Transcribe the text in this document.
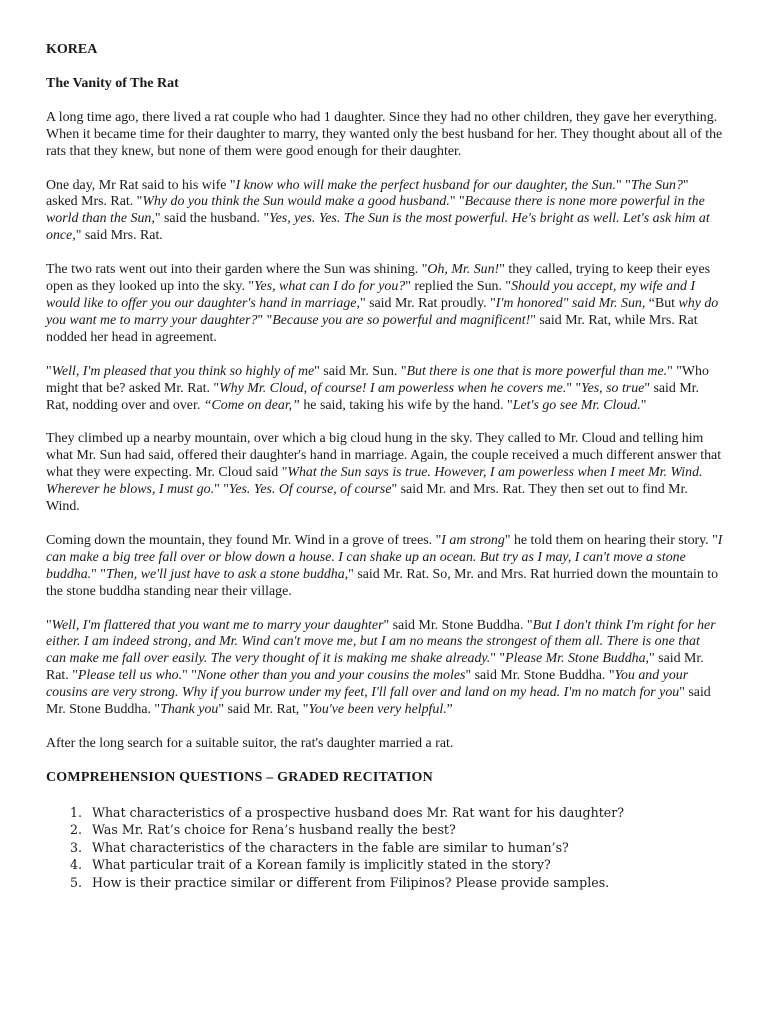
KOREA
The Vanity of The Rat

A long time ago, there lived a rat couple who had 1 daughter. Since they had no other children, they gave her everything. When it became time for their daughter to marry, they wanted only the best husband for her. They thought about all of the rats that they knew, but none of them were good enough for their daughter.

One day, Mr Rat said to his wife "I know who will make the perfect husband for our daughter, the Sun." "The Sun?" asked Mrs. Rat. "Why do you think the Sun would make a good husband." "Because there is none more powerful in the world than the Sun," said the husband. "Yes, yes. Yes. The Sun is the most powerful. He's bright as well. Let's ask him at once," said Mrs. Rat.

The two rats went out into their garden where the Sun was shining. "Oh, Mr. Sun!" they called, trying to keep their eyes open as they looked up into the sky. "Yes, what can I do for you?" replied the Sun. "Should you accept, my wife and I would like to offer you our daughter's hand in marriage," said Mr. Rat proudly. "I'm honored" said Mr. Sun, “But why do you want me to marry your daughter?" "Because you are so powerful and magnificent!" said Mr. Rat, while Mrs. Rat nodded her head in agreement.

"Well, I'm pleased that you think so highly of me" said Mr. Sun. "But there is one that is more powerful than me." "Who might that be? asked Mr. Rat. "Why Mr. Cloud, of course! I am powerless when he covers me." "Yes, so true" said Mr. Rat, nodding over and over. “Come on dear,” he said, taking his wife by the hand. "Let's go see Mr. Cloud."

They climbed up a nearby mountain, over which a big cloud hung in the sky. They called to Mr. Cloud and telling him what Mr. Sun had said, offered their daughter's hand in marriage. Again, the couple received a much different answer that what they were expecting. Mr. Cloud said "What the Sun says is true. However, I am powerless when I meet Mr. Wind. Wherever he blows, I must go." "Yes. Yes. Of course, of course" said Mr. and Mrs. Rat. They then set out to find Mr. Wind.

Coming down the mountain, they found Mr. Wind in a grove of trees. "I am strong" he told them on hearing their story. "I can make a big tree fall over or blow down a house. I can shake up an ocean. But try as I may, I can't move a stone buddha." "Then, we'll just have to ask a stone buddha," said Mr. Rat. So, Mr. and Mrs. Rat hurried down the mountain to the stone buddha standing near their village.

"Well, I'm flattered that you want me to marry your daughter" said Mr. Stone Buddha. "But I don't think I'm right for her either. I am indeed strong, and Mr. Wind can't move me, but I am no means the strongest of them all. There is one that can make me fall over easily. The very thought of it is making me shake already." "Please Mr. Stone Buddha," said Mr. Rat. "Please tell us who." "None other than you and your cousins the moles" said Mr. Stone Buddha. "You and your cousins are very strong. Why if you burrow under my feet, I'll fall over and land on my head. I'm no match for you" said Mr. Stone Buddha. "Thank you" said Mr. Rat, "You've been very helpful.”

After the long search for a suitable suitor, the rat's daughter married a rat.

COMPREHENSION QUESTIONS – GRADED RECITATION
1. What characteristics of a prospective husband does Mr. Rat want for his daughter?
2. Was Mr. Rat’s choice for Rena’s husband really the best?
3. What characteristics of the characters in the fable are similar to human’s?
4. What particular trait of a Korean family is implicitly stated in the story?
5. How is their practice similar or different from Filipinos? Please provide samples.
